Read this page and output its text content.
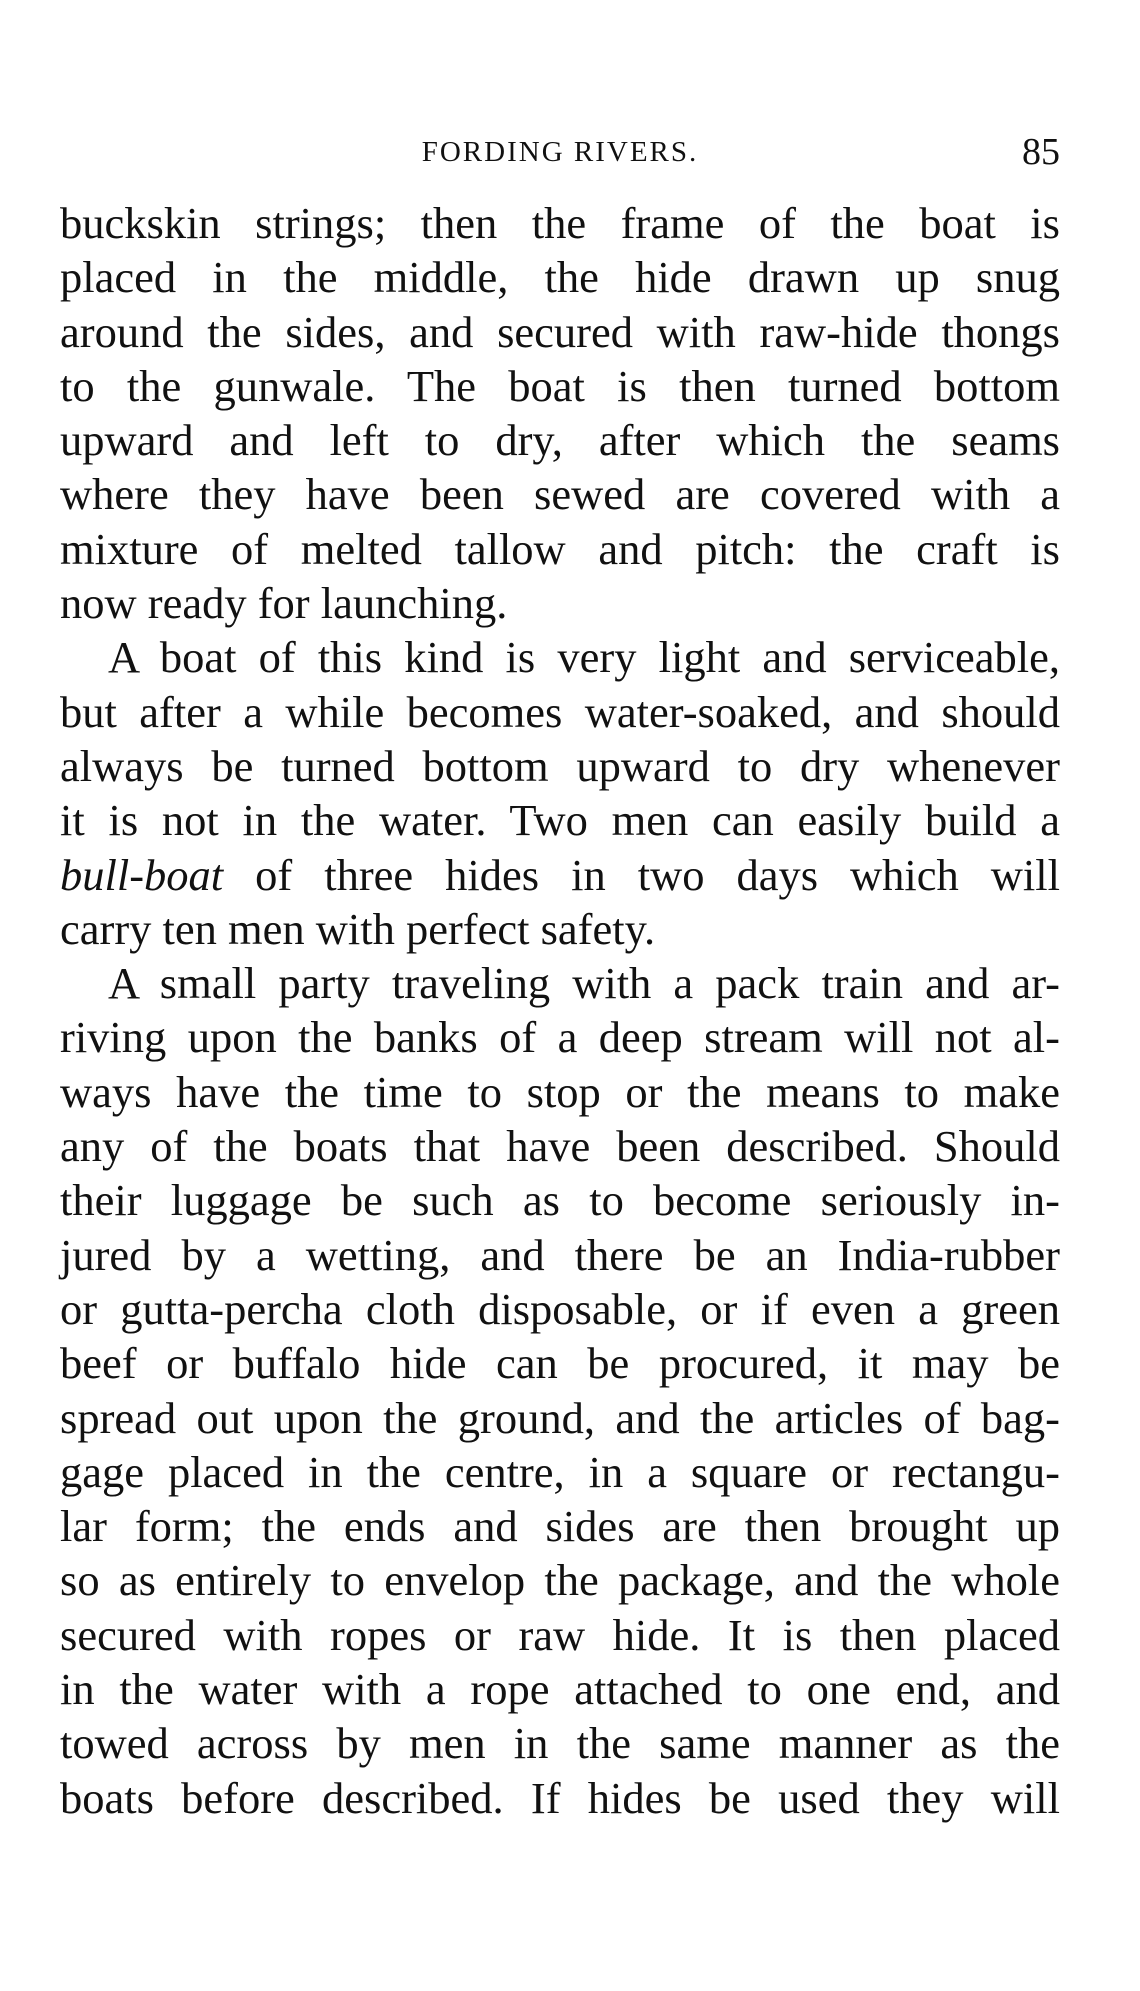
FORDING RIVERS.	85
buckskin strings; then the frame of the boat is
placed in the middle, the hide drawn up snug
around the sides, and secured with raw-hide thongs
to the gunwale. The boat is then turned bottom
upward and left to dry, after which the seams
where they have been sewed are covered with a
mixture of melted tallow and pitch: the craft is
now ready for launching.
A boat of this kind is very light and serviceable,
but after a while becomes water-soaked, and should
always be turned bottom upward to dry whenever
it is not in the water. Two men can easily build a
bull-boat of three hides in two days which will
carry ten men with perfect safety.
A small party traveling with a pack train and ar-
riving upon the banks of a deep stream will not al-
ways have the time to stop or the means to make
any of the boats that have been described. Should
their luggage be such as to become seriously in-
jured by a wetting, and there be an India-rubber
or gutta-percha cloth disposable, or if even a green
beef or buffalo hide can be procured, it may be
spread out upon the ground, and the articles of bag-
gage placed in the centre, in a square or rectangu-
lar form; the ends and sides are then brought up
so as entirely to envelop the package, and the whole
secured with ropes or raw hide. It is then placed
in the water with a rope attached to one end, and
towed across by men in the same manner as the
boats before described. If hides be used they will
